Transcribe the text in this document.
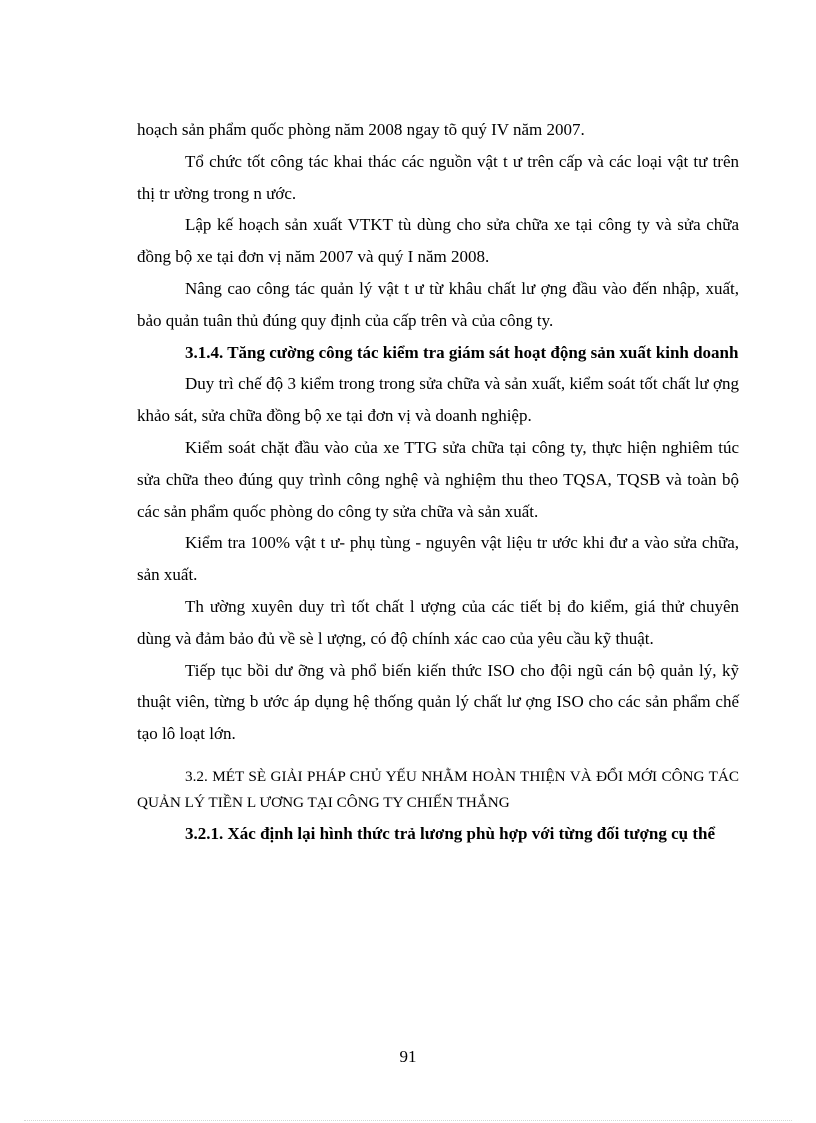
hoạch sản phẩm quốc phòng năm 2008 ngay tõ quý IV năm 2007.

Tổ chức tốt công tác khai thác các nguồn vật t ư trên cấp và các loại vật tư trên thị tr ường trong n ước.

Lập kế hoạch sản xuất VTKT tù dùng cho sửa chữa xe tại công ty và sửa chữa đồng bộ xe tại đơn vị năm 2007 và quý I năm 2008.

Nâng cao công tác quản lý vật t ư từ khâu chất lư ợng đầu vào đến nhập, xuất, bảo quản tuân thủ đúng quy định của cấp trên và của công ty.

3.1.4. Tăng cường công tác kiểm tra giám sát hoạt động sản xuất kinh doanh

Duy trì chế độ 3 kiểm trong trong sửa chữa và sản xuất, kiểm soát tốt chất lư ợng khảo sát, sửa chữa đồng bộ xe tại đơn vị và doanh nghiệp.

Kiểm soát chặt đầu vào của xe TTG sửa chữa tại công ty, thực hiện nghiêm túc sửa chữa theo đúng quy trình công nghệ và nghiệm thu theo TQSA, TQSB và toàn bộ các sản phẩm quốc phòng do công ty sửa chữa và sản xuất.

Kiểm tra 100% vật t ư- phụ tùng - nguyên vật liệu tr ước khi đư a vào sửa chữa, sản xuất.

Th ường xuyên duy trì tốt chất l ượng của các tiết bị đo kiểm, giá thử chuyên dùng và đảm bảo đủ về sè l ượng, có độ chính xác cao của yêu cầu kỹ thuật.

Tiếp tục bồi dư ỡng và phổ biến kiến thức ISO cho đội ngũ cán bộ quản lý, kỹ thuật viên, từng b ước áp dụng hệ thống quản lý chất lư ợng ISO cho các sản phẩm chế tạo lô loạt lớn.

3.2. MÉT SÈ GIẢI PHÁP CHỦ YẾU NHẰM HOÀN THIỆN VÀ ĐỔI MỚI CÔNG TÁC QUẢN LÝ TIỀN L ƯƠNG TẠI CÔNG TY CHIẾN THẮNG

3.2.1. Xác định lại hình thức trả lương phù hợp với từng đối tượng cụ thể

91
